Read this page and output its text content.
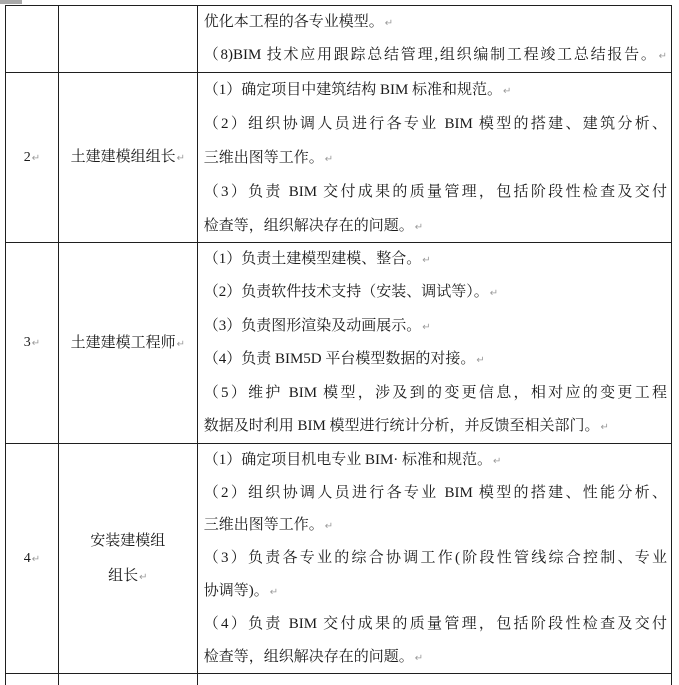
优化本工程的各专业模型。↵
（8)BIM 技术应用跟踪总结管理,组织编制工程竣工总结报告。↵
2↵ 土建建模组组长↵
（1）确定项目中建筑结构 BIM 标准和规范。↵
（2）组织协调人员进行各专业 BIM 模型的搭建、建筑分析、
三维出图等工作。↵
（3）负责 BIM 交付成果的质量管理，包括阶段性检查及交付
检查等，组织解决存在的问题。↵
3↵ 土建建模工程师↵
（1）负责土建模型建模、整合。↵
（2）负责软件技术支持（安装、调试等）。↵
（3）负责图形渲染及动画展示。↵
（4）负责 BIM5D 平台模型数据的对接。↵
（5）维护 BIM 模型，涉及到的变更信息，相对应的变更工程
数据及时利用 BIM 模型进行统计分析，并反馈至相关部门。↵
4↵
安装建模组
组长↵
（1）确定项目机电专业 BIM· 标准和规范。↵
（2）组织协调人员进行各专业 BIM 模型的搭建、性能分析、
三维出图等工作。↵
（3）负责各专业的综合协调工作(阶段性管线综合控制、专业
协调等)。↵
（4）负责 BIM 交付成果的质量管理，包括阶段性检查及交付
检查等，组织解决存在的问题。↵
